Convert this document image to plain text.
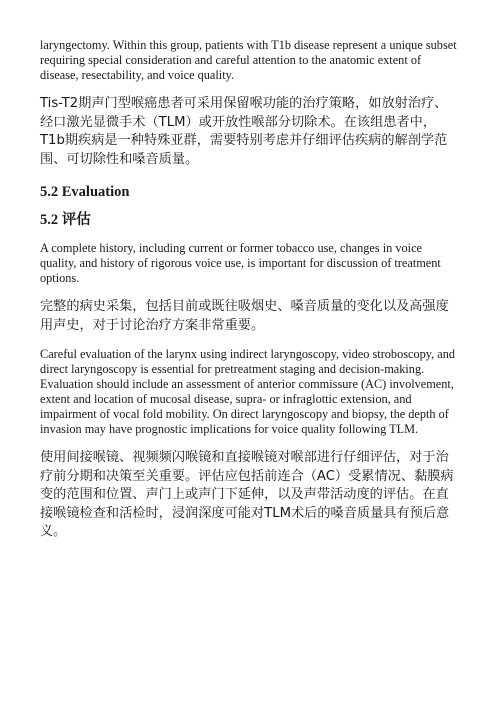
laryngectomy. Within this group, patients with T1b disease represent a unique subset requiring special consideration and careful attention to the anatomic extent of disease, resectability, and voice quality.

Tis-T2期声门型喉癌患者可采用保留喉功能的治疗策略，如放射治疗、经口激光显微手术（TLM）或开放性喉部分切除术。在该组患者中，T1b期疾病是一种特殊亚群，需要特别考虑并仔细评估疾病的解剖学范围、可切除性和嗓音质量。

5.2 Evaluation
5.2 评估

A complete history, including current or former tobacco use, changes in voice quality, and history of rigorous voice use, is important for discussion of treatment options.

完整的病史采集，包括目前或既往吸烟史、嗓音质量的变化以及高强度用声史，对于讨论治疗方案非常重要。

Careful evaluation of the larynx using indirect laryngoscopy, video stroboscopy, and direct laryngoscopy is essential for pretreatment staging and decision-making. Evaluation should include an assessment of anterior commissure (AC) involvement, extent and location of mucosal disease, supra- or infraglottic extension, and impairment of vocal fold mobility. On direct laryngoscopy and biopsy, the depth of invasion may have prognostic implications for voice quality following TLM.

使用间接喉镜、视频频闪喉镜和直接喉镜对喉部进行仔细评估，对于治疗前分期和决策至关重要。评估应包括前连合（AC）受累情况、黏膜病变的范围和位置、声门上或声门下延伸，以及声带活动度的评估。在直接喉镜检查和活检时，浸润深度可能对TLM术后的嗓音质量具有预后意义。
